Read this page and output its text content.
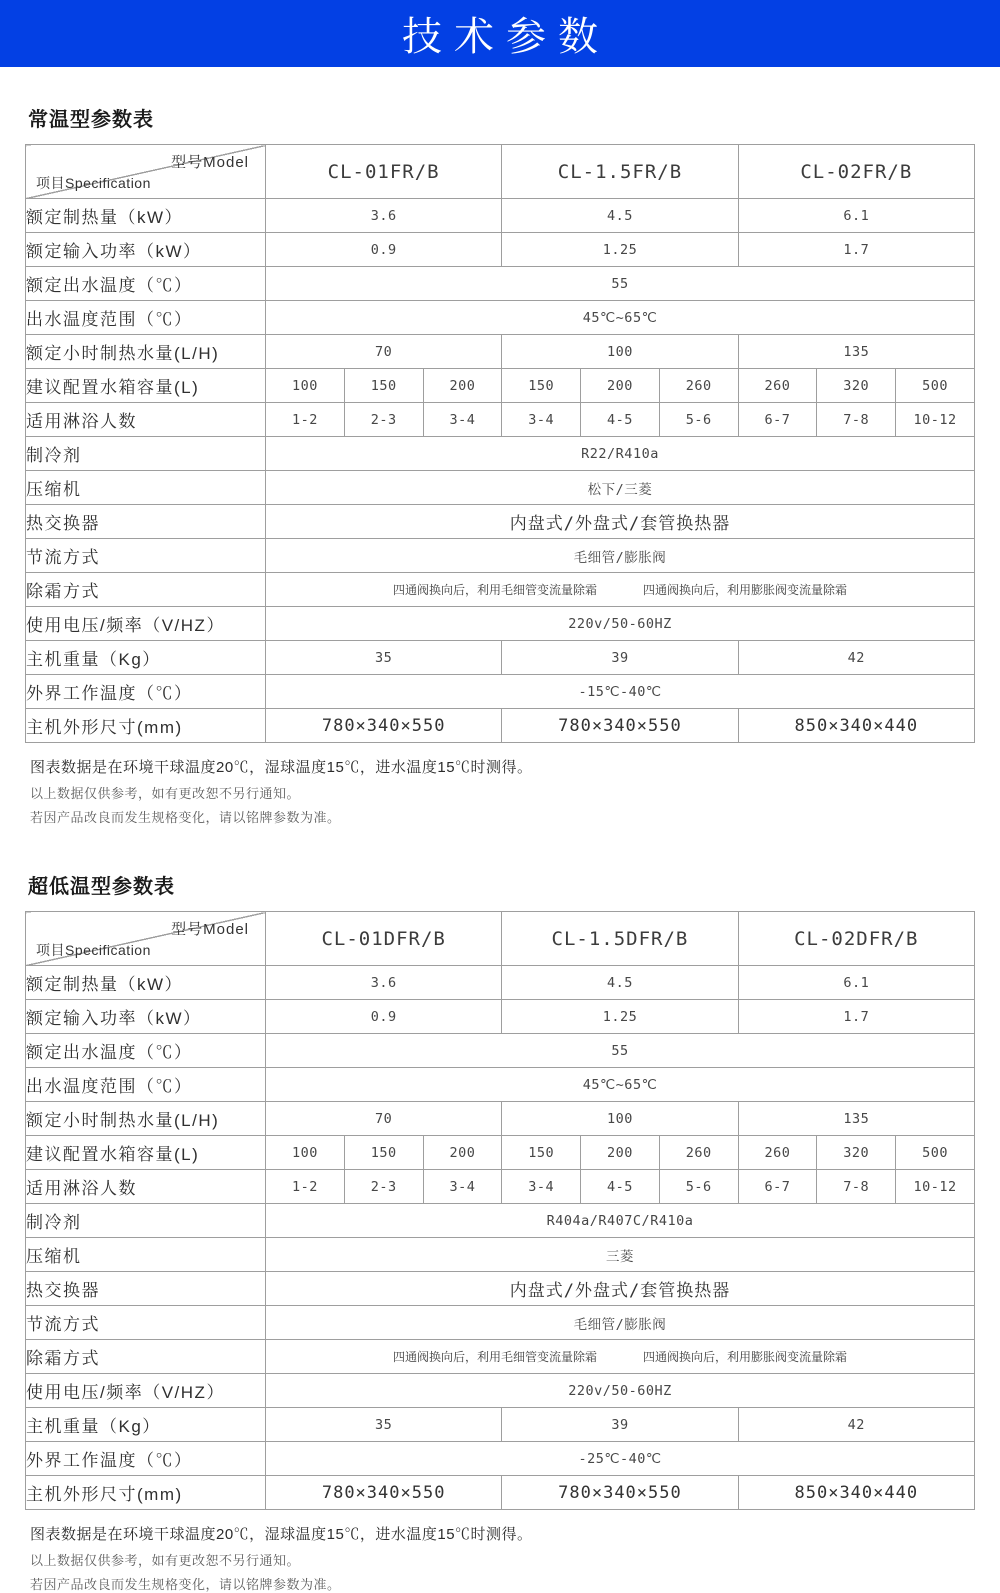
技术参数
常温型参数表
型号Model
项目Specification	CL-01FR/B			CL-1.5FR/B			CL-02FR/B		
额定制热量（kW）	3.6			4.5			6.1		
额定输入功率（kW）	0.9			1.25			1.7		
额定出水温度（℃）	55								
出水温度范围（℃）	45℃~65℃								
额定小时制热水量(L/H)	70			100			135		
建议配置水箱容量(L)	100	150	200	150	200	260	260	320	500
适用淋浴人数	1-2	2-3	3-4	3-4	4-5	5-6	6-7	7-8	10-12
制冷剂	R22/R410a								
压缩机	松下/三菱								
热交换器	内盘式/外盘式/套管换热器								
节流方式	毛细管/膨胀阀								
除霜方式	四通阀换向后，利用毛细管变流量除霜 四通阀换向后，利用膨胀阀变流量除霜								
使用电压/频率（V/HZ）	220v/50-60HZ								
主机重量（Kg）	35			39			42		
外界工作温度（℃）	-15℃-40℃								
主机外形尺寸(mm)	780×340×550			780×340×550			850×340×440		

图表数据是在环境干球温度20℃，湿球温度15℃，进水温度15℃时测得。

以上数据仅供参考，如有更改恕不另行通知。

若因产品改良而发生规格变化，请以铭牌参数为准。

超低温型参数表
型号Model
项目Specification	CL-01DFR/B			CL-1.5DFR/B			CL-02DFR/B		
额定制热量（kW）	3.6			4.5			6.1		
额定输入功率（kW）	0.9			1.25			1.7		
额定出水温度（℃）	55								
出水温度范围（℃）	45℃~65℃								
额定小时制热水量(L/H)	70			100			135		
建议配置水箱容量(L)	100	150	200	150	200	260	260	320	500
适用淋浴人数	1-2	2-3	3-4	3-4	4-5	5-6	6-7	7-8	10-12
制冷剂	R404a/R407C/R410a								
压缩机	三菱								
热交换器	内盘式/外盘式/套管换热器								
节流方式	毛细管/膨胀阀								
除霜方式	四通阀换向后，利用毛细管变流量除霜 四通阀换向后，利用膨胀阀变流量除霜								
使用电压/频率（V/HZ）	220v/50-60HZ								
主机重量（Kg）	35			39			42		
外界工作温度（℃）	-25℃-40℃								
主机外形尺寸(mm)	780×340×550			780×340×550			850×340×440		

图表数据是在环境干球温度20℃，湿球温度15℃，进水温度15℃时测得。

以上数据仅供参考，如有更改恕不另行通知。

若因产品改良而发生规格变化，请以铭牌参数为准。
